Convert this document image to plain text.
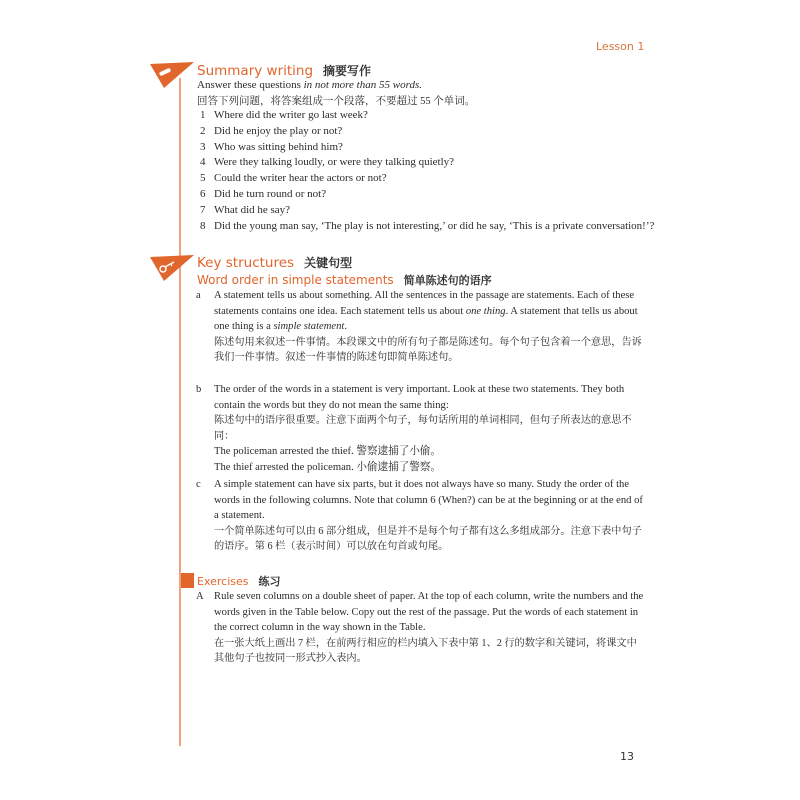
Lesson 1
Summary writing 摘要写作
Answer these questions in not more than 55 words.
回答下列问题，将答案组成一个段落，不要超过 55 个单词。
1 Where did the writer go last week?
2 Did he enjoy the play or not?
3 Who was sitting behind him?
4 Were they talking loudly, or were they talking quietly?
5 Could the writer hear the actors or not?
6 Did he turn round or not?
7 What did he say?
8 Did the young man say, ‘The play is not interesting,’ or did he say, ‘This is a private conversation!’?
Key structures 关键句型
Word order in simple statements 简单陈述句的语序
a	A statement tells us about something. All the sentences in the passage are statements. Each of these statements contains one idea. Each statement tells us about one thing. A statement that tells us about one thing is a simple statement.
陈述句用来叙述一件事情。本段课文中的所有句子都是陈述句。每个句子包含着一个意思，告诉我们一件事情。叙述一件事情的陈述句即简单陈述句。
b	The order of the words in a statement is very important. Look at these two statements. They both contain the words but they do not mean the same thing:
陈述句中的语序很重要。注意下面两个句子，每句话所用的单词相同，但句子所表达的意思不同：
The policeman arrested the thief. 警察逮捕了小偷。
The thief arrested the policeman. 小偷逮捕了警察。
c	A simple statement can have six parts, but it does not always have so many. Study the order of the words in the following columns. Note that column 6 (When?) can be at the beginning or at the end of a statement.
一个简单陈述句可以由 6 部分组成，但是并不是每个句子都有这么多组成部分。注意下表中句子的语序。第 6 栏（表示时间）可以放在句首或句尾。
Exercises 练习
A Rule seven columns on a double sheet of paper. At the top of each column, write the numbers and the words given in the Table below. Copy out the rest of the passage. Put the words of each statement in the correct column in the way shown in the Table.
在一张大纸上画出 7 栏，在前两行相应的栏内填入下表中第 1、2 行的数字和关键词，将课文中其他句子也按同一形式抄入表内。
13
